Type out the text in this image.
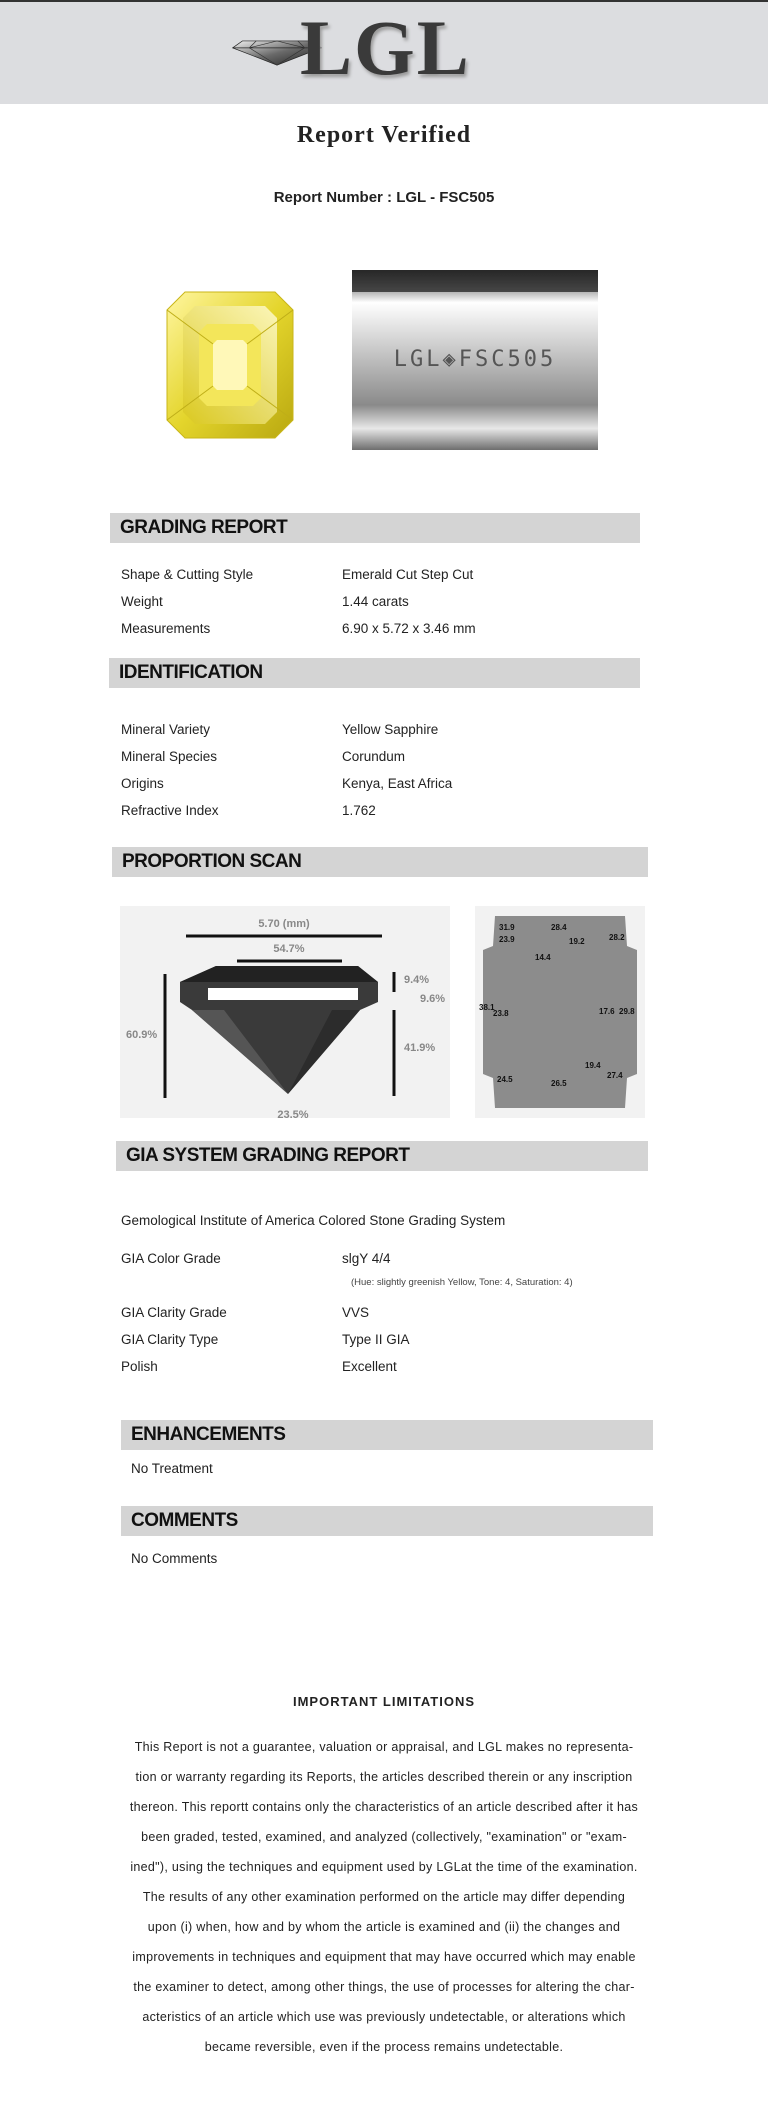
LGL
Report Verified
Report Number : LGL - FSC505
LGL◈FSC505
GRADING REPORT
Shape & Cutting Style	Emerald Cut Step Cut
Weight	1.44 carats
Measurements	6.90 x 5.72 x 3.46 mm
IDENTIFICATION
Mineral Variety	Yellow Sapphire
Mineral Species	Corundum
Origins	Kenya, East Africa
Refractive Index	1.762
PROPORTION SCAN
5.70 (mm)
54.7%
60.9%
9.4%
9.6%
41.9%
23.5%
31.9	28.4
23.9	19.2	28.2
14.4
38.1
23.8	17.6 29.8
24.5
19.4
26.5
27.4
GIA SYSTEM GRADING REPORT
Gemological Institute of America Colored Stone Grading System
GIA Color Grade	slgY 4/4
(Hue: slightly greenish Yellow, Tone: 4, Saturation: 4)
GIA Clarity Grade	VVS
GIA Clarity Type	Type II GIA
Polish	Excellent
ENHANCEMENTS
No Treatment
COMMENTS
No Comments
IMPORTANT LIMITATIONS
This Report is not a guarantee, valuation or appraisal, and LGL makes no representa-
tion or warranty regarding its Reports, the articles described therein or any inscription
thereon. This reportt contains only the characteristics of an article described after it has
been graded, tested, examined, and analyzed (collectively, "examination" or "exam-
ined"), using the techniques and equipment used by LGLat the time of the examination.
The results of any other examination performed on the article may differ depending
upon (i) when, how and by whom the article is examined and (ii) the changes and
improvements in techniques and equipment that may have occurred which may enable
the examiner to detect, among other things, the use of processes for altering the char-
acteristics of an article which use was previously undetectable, or alterations which
became reversible, even if the process remains undetectable.
